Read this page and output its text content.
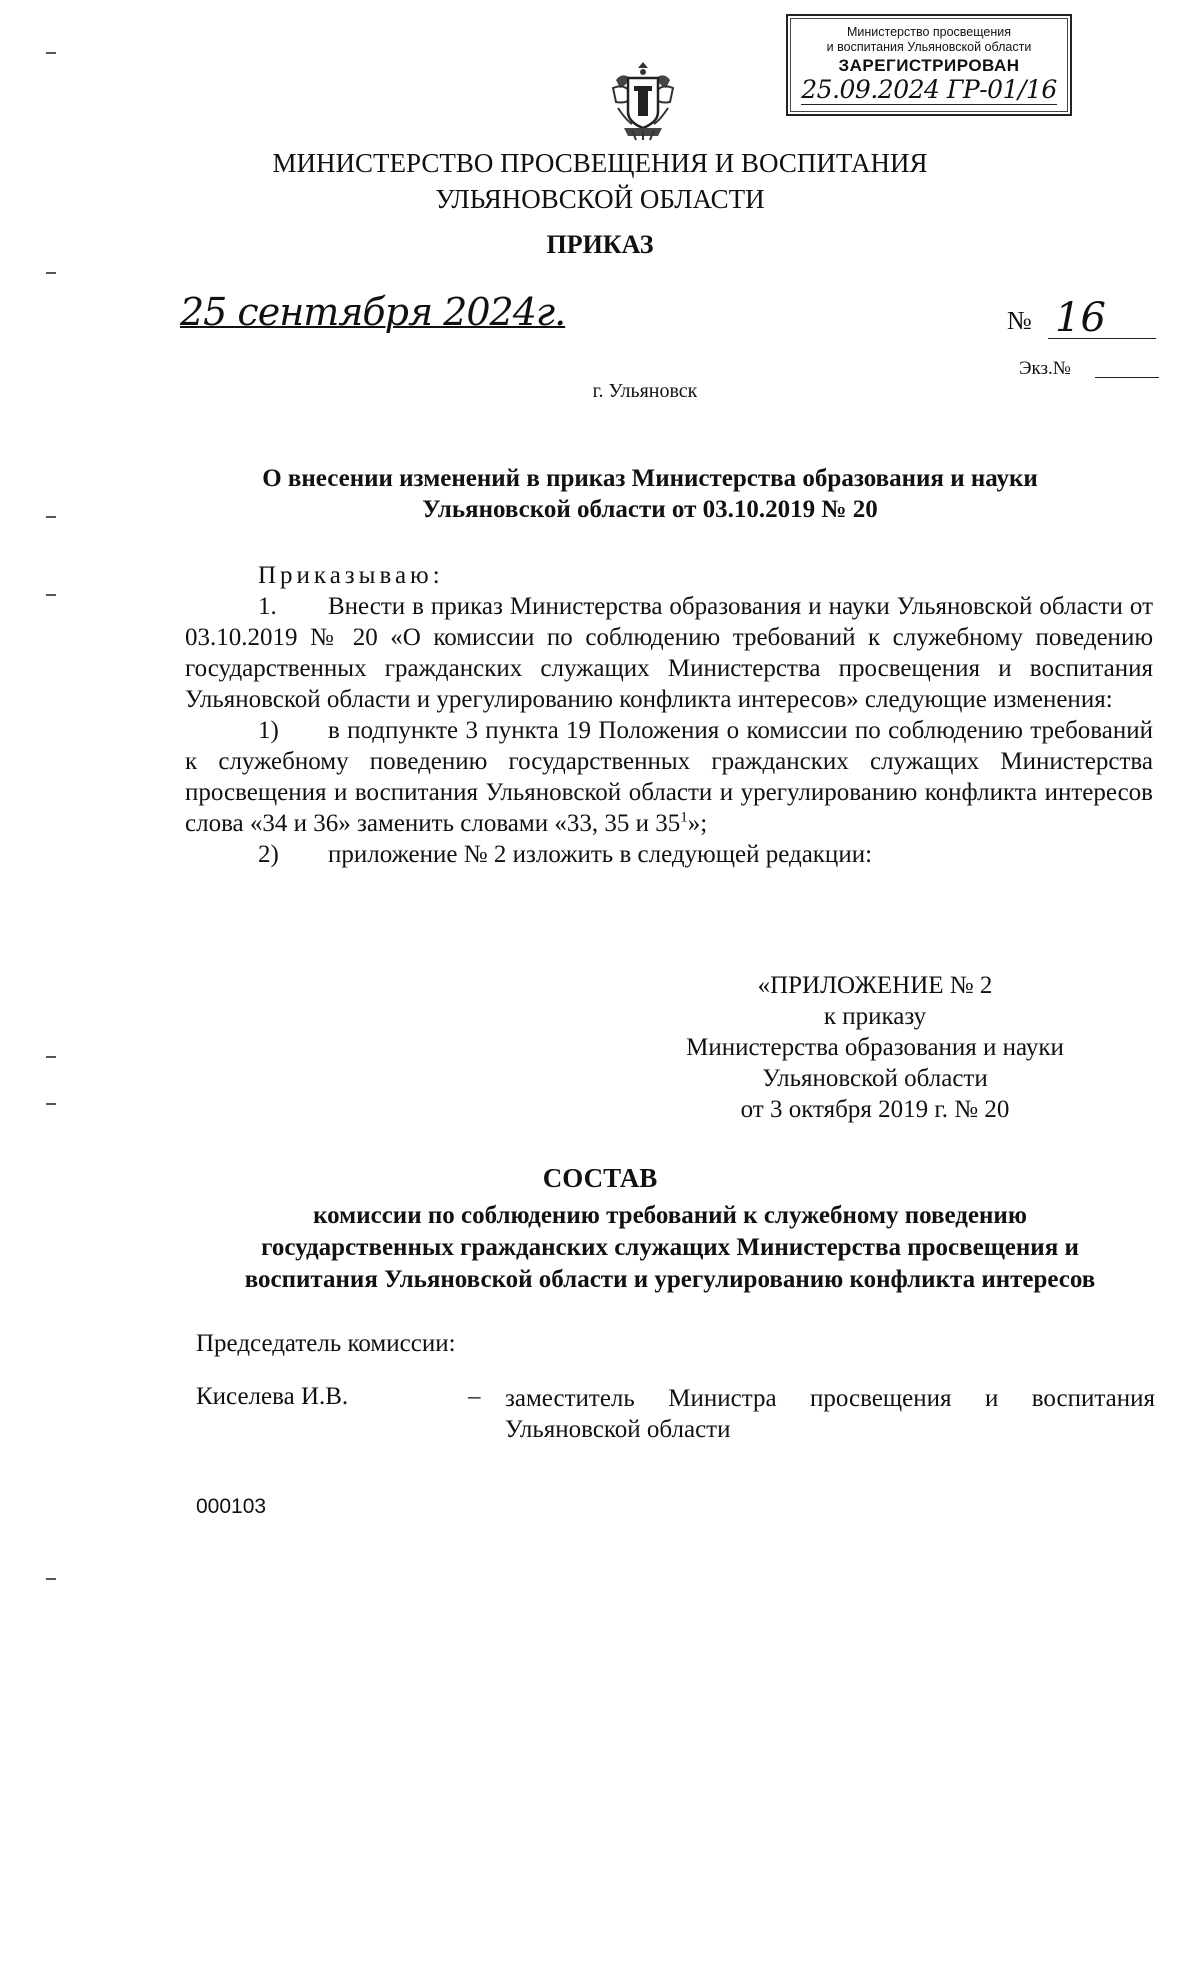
Министерство просвещения
и воспитания Ульяновской области
ЗАРЕГИСТРИРОВАН
25.09.2024 ГР-01/16
МИНИСТЕРСТВО ПРОСВЕЩЕНИЯ И ВОСПИТАНИЯ
УЛЬЯНОВСКОЙ ОБЛАСТИ
ПРИКАЗ
25 сентября 2024г.	№ 16
Экз.№
г. Ульяновск
О внесении изменений в приказ Министерства образования и науки
Ульяновской области от 03.10.2019 № 20

Приказываю:

1. Внести в приказ Министерства образования и науки Ульяновской области от 03.10.2019 № 20 «О комиссии по соблюдению требований к служебному поведению государственных гражданских служащих Министерства просвещения и воспитания Ульяновской области и урегулированию конфликта интересов» следующие изменения:

1) в подпункте 3 пункта 19 Положения о комиссии по соблюдению требований к служебному поведению государственных гражданских служащих Министерства просвещения и воспитания Ульяновской области и урегулированию конфликта интересов слова «34 и 36» заменить словами «33, 35 и $35^1$»;

2) приложение № 2 изложить в следующей редакции:

«ПРИЛОЖЕНИЕ № 2
к приказу
Министерства образования и науки
Ульяновской области
от 3 октября 2019 г. № 20
СОСТАВ
комиссии по соблюдению требований к служебному поведению
государственных гражданских служащих Министерства просвещения и
воспитания Ульяновской области и урегулированию конфликта интересов
Председатель комиссии:
Киселева И.В.	– заместитель Министра просвещения и воспитания
Ульяновской области
000103
